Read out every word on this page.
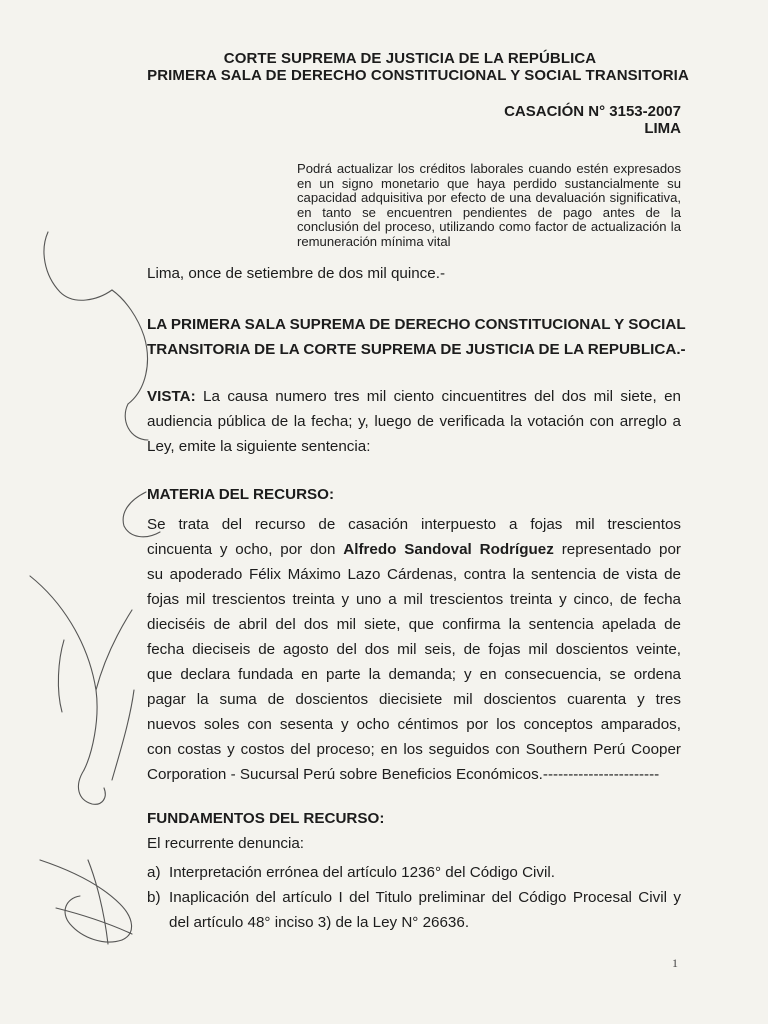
CORTE SUPREMA DE JUSTICIA DE LA REPÚBLICA
PRIMERA SALA DE DERECHO CONSTITUCIONAL Y SOCIAL TRANSITORIA
CASACIÓN N° 3153-2007
LIMA
Podrá actualizar los créditos laborales cuando estén expresados en un signo monetario que haya perdido sustancialmente su capacidad adquisitiva por efecto de una devaluación significativa, en tanto se encuentren pendientes de pago antes de la conclusión del proceso, utilizando como factor de actualización la remuneración mínima vital
Lima, once de setiembre de dos mil quince.-
LA PRIMERA SALA SUPREMA DE DERECHO CONSTITUCIONAL Y SOCIAL
TRANSITORIA DE LA CORTE SUPREMA DE JUSTICIA DE LA REPUBLICA.-
VISTA: La causa numero tres mil ciento cincuentitres del dos mil siete, en
audiencia pública de la fecha; y, luego de verificada la votación con arreglo a
Ley, emite la siguiente sentencia:
MATERIA DEL RECURSO:
Se trata del recurso de casación interpuesto a fojas mil trescientos
cincuenta y ocho, por don Alfredo Sandoval Rodríguez representado por
su apoderado Félix Máximo Lazo Cárdenas, contra la sentencia de vista de
fojas mil trescientos treinta y uno a mil trescientos treinta y cinco, de fecha
dieciséis de abril del dos mil siete, que confirma la sentencia apelada de
fecha dieciseis de agosto del dos mil seis, de fojas mil doscientos veinte,
que declara fundada en parte la demanda; y en consecuencia, se ordena
pagar la suma de doscientos diecisiete mil doscientos cuarenta y tres
nuevos soles con sesenta y ocho céntimos por los conceptos amparados,
con costas y costos del proceso; en los seguidos con Southern Perú Cooper
Corporation - Sucursal Perú sobre Beneficios Económicos.-----------------------
FUNDAMENTOS DEL RECURSO:
El recurrente denuncia:
a) Interpretación errónea del artículo 1236° del Código Civil.
b) Inaplicación del artículo I del Titulo preliminar del Código Procesal Civil y
del artículo 48° inciso 3) de la Ley N° 26636.
1
